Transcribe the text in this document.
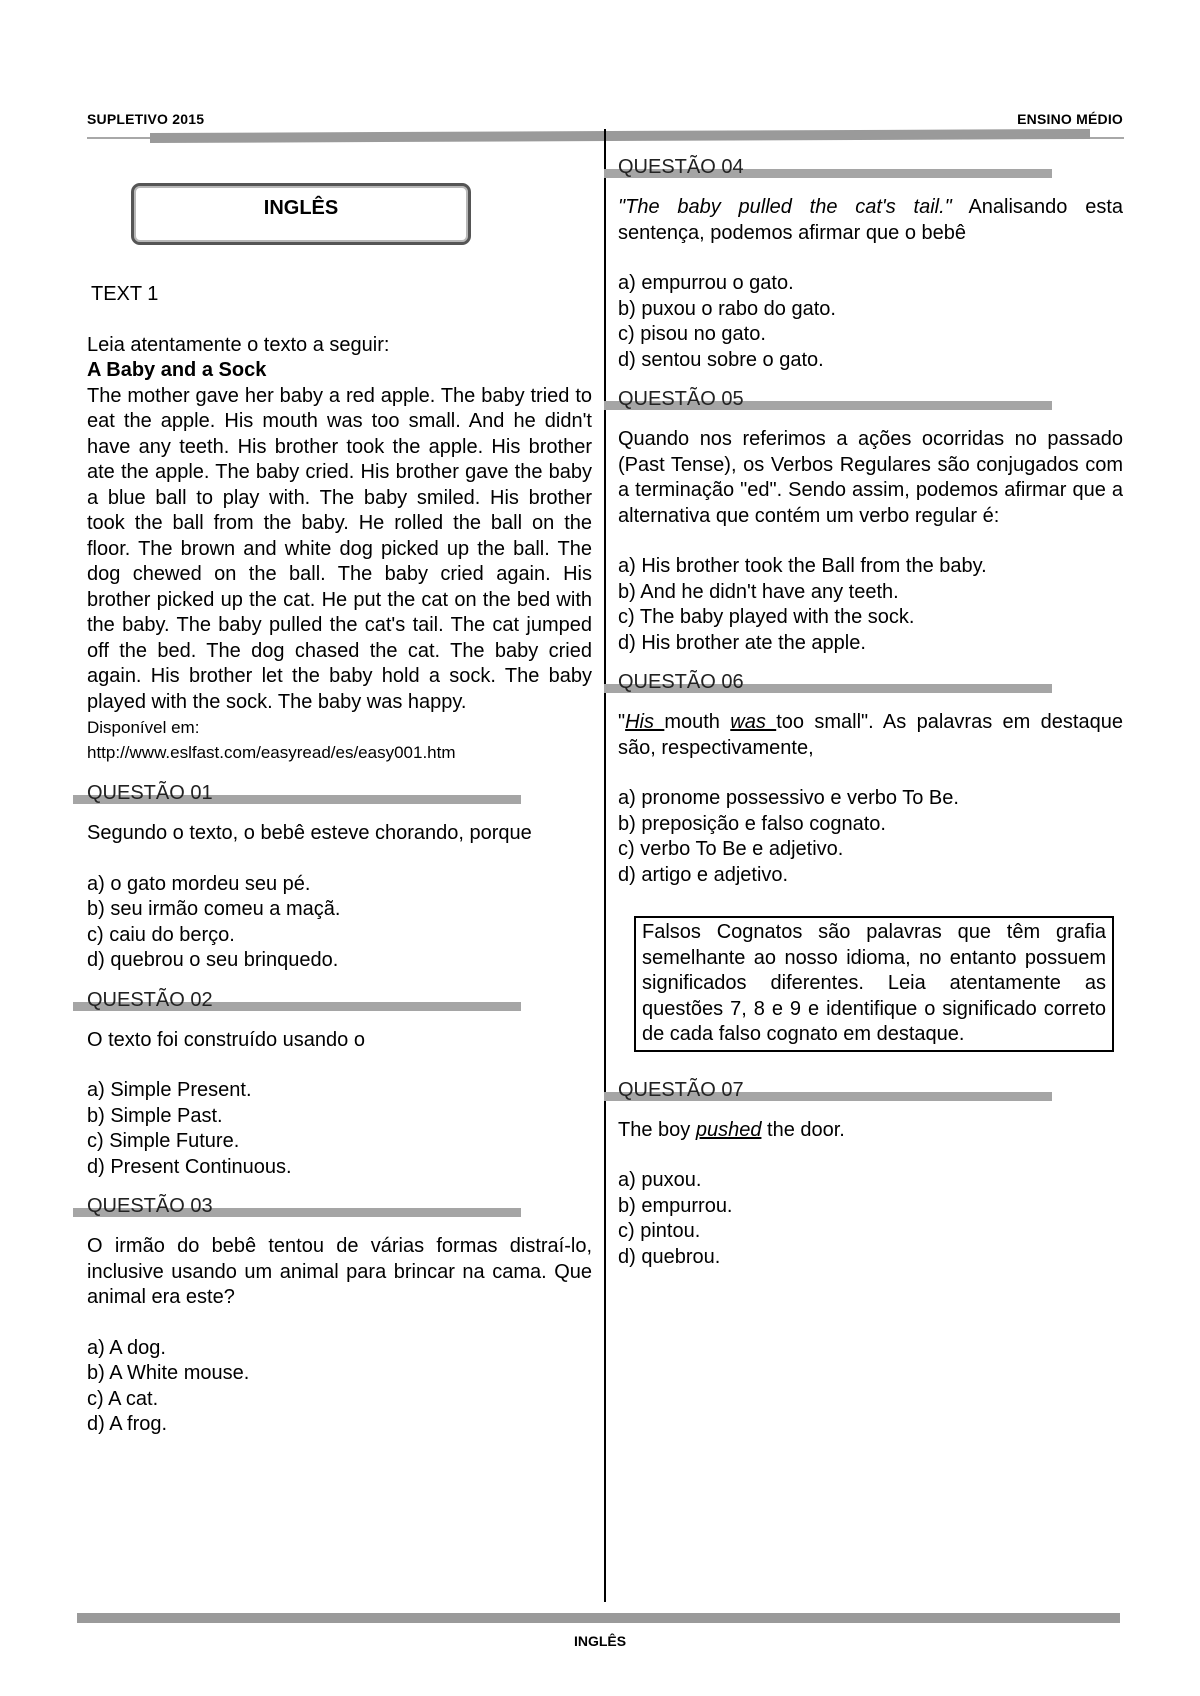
SUPLETIVO 2015	ENSINO MÉDIO
INGLÊS
TEXT 1
Leia atentamente o texto a seguir:
A Baby and a Sock
The mother gave her baby a red apple. The baby tried to eat the apple. His mouth was too small. And he didn't have any teeth. His brother took the apple. His brother ate the apple. The baby cried. His brother gave the baby a blue ball to play with. The baby smiled. His brother took the ball from the baby. He rolled the ball on the floor. The brown and white dog picked up the ball. The dog chewed on the ball. The baby cried again. His brother picked up the cat. He put the cat on the bed with the baby. The baby pulled the cat's tail. The cat jumped off the bed. The dog chased the cat. The baby cried again. His brother let the baby hold a sock. The baby played with the sock. The baby was happy.
Disponível em:
http://www.eslfast.com/easyread/es/easy001.htm
QUESTÃO 01
Segundo o texto, o bebê esteve chorando, porque
a) o gato mordeu seu pé.
b) seu irmão comeu a maçã.
c) caiu do berço.
d) quebrou o seu brinquedo.
QUESTÃO 02
O texto foi construído usando o
a) Simple Present.
b) Simple Past.
c) Simple Future.
d) Present Continuous.
QUESTÃO 03
O irmão do bebê tentou de várias formas distraí-lo, inclusive usando um animal para brincar na cama. Que animal era este?
a) A dog.
b) A White mouse.
c) A cat.
d) A frog.
QUESTÃO 04
"The baby pulled the cat's tail." Analisando esta sentença, podemos afirmar que o bebê
a) empurrou o gato.
b) puxou o rabo do gato.
c) pisou no gato.
d) sentou sobre o gato.
QUESTÃO 05
Quando nos referimos a ações ocorridas no passado (Past Tense), os Verbos Regulares são conjugados com a terminação "ed". Sendo assim, podemos afirmar que a alternativa que contém um verbo regular é:
a) His brother took the Ball from the baby.
b) And he didn't have any teeth.
c) The baby played with the sock.
d) His brother ate the apple.
QUESTÃO 06
"His mouth was too small". As palavras em destaque são, respectivamente,
a) pronome possessivo e verbo To Be.
b) preposição e falso cognato.
c) verbo To Be e adjetivo.
d) artigo e adjetivo.
Falsos Cognatos são palavras que têm grafia semelhante ao nosso idioma, no entanto possuem significados diferentes. Leia atentamente as questões 7, 8 e 9 e identifique o significado correto de cada falso cognato em destaque.
QUESTÃO 07
The boy pushed the door.
a) puxou.
b) empurrou.
c) pintou.
d) quebrou.
INGLÊS
